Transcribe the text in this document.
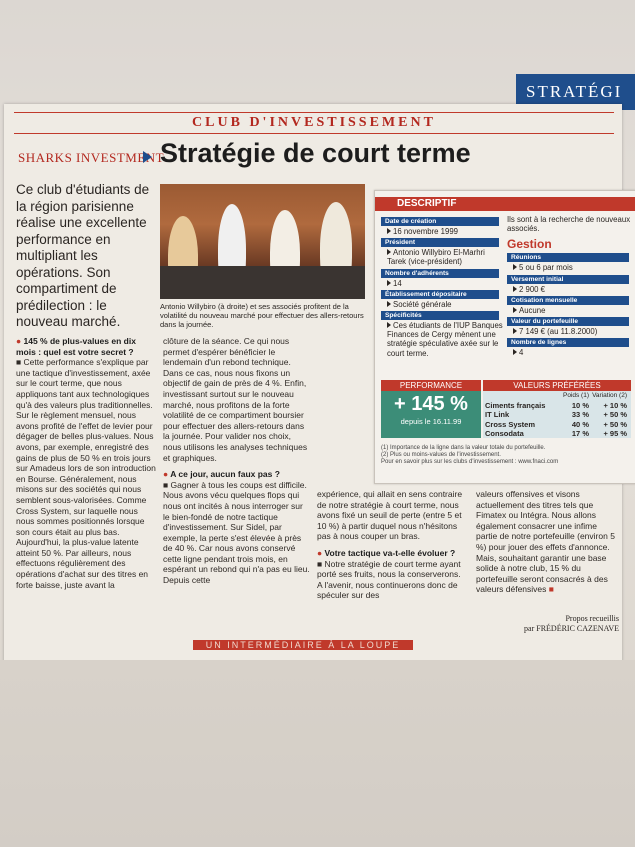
STRATÉGI
CLUB D'INVESTISSEMENT
SHARKS INVESTMENT
Stratégie de court terme
Ce club d'étudiants de la région parisienne réalise une excellente performance en multipliant les opérations. Son compartiment de prédilection : le nouveau marché.
Antonio Willybiro (à droite) et ses associés profitent de la volatilité du nouveau marché pour effectuer des allers-retours dans la journée.
● 145 % de plus-values en dix mois : quel est votre secret ?
■ Cette performance s'explique par une tactique d'investissement, axée sur le court terme, que nous appliquons tant aux technologiques qu'à des valeurs plus traditionnelles. Sur le règlement mensuel, nous avons profité de l'effet de levier pour dégager de belles plus-values. Nous avons, par exemple, enregistré des gains de plus de 50 % en trois jours sur Amadeus lors de son introduction en Bourse. Généralement, nous misons sur des sociétés qui nous semblent sous-valorisées. Comme Cross System, sur laquelle nous nous sommes positionnés lorsque son cours était au plus bas. Aujourd'hui, la plus-value latente atteint 50 %. Par ailleurs, nous effectuons régulièrement des opérations d'achat sur des titres en forte baisse, juste avant la
clôture de la séance. Ce qui nous permet d'espérer bénéficier le lendemain d'un rebond technique. Dans ce cas, nous nous fixons un objectif de gain de près de 4 %. Enfin, investissant surtout sur le nouveau marché, nous profitons de la forte volatilité de ce compartiment boursier pour effectuer des allers-retours dans la journée. Pour valider nos choix, nous utilisons les analyses techniques et graphiques.
● A ce jour, aucun faux pas ?
■ Gagner à tous les coups est difficile. Nous avons vécu quelques flops qui nous ont incités à nous interroger sur le bien-fondé de notre tactique d'investissement. Sur Sidel, par exemple, la perte s'est élevée à près de 40 %. Car nous avons conservé cette ligne pendant trois mois, en espérant un rebond qui n'a pas eu lieu. Depuis cette
expérience, qui allait en sens contraire de notre stratégie à court terme, nous avons fixé un seuil de perte (entre 5 et 10 %) à partir duquel nous n'hésitons pas à nous couper un bras.
● Votre tactique va-t-elle évoluer ?
■ Notre stratégie de court terme ayant porté ses fruits, nous la conserverons. A l'avenir, nous continuerons donc de spéculer sur des
valeurs offensives et visons actuellement des titres tels que Fimatex ou Intégra. Nous allons également consacrer une infime partie de notre portefeuille (environ 5 %) pour jouer des effets d'annonce. Mais, souhaitant garantir une base solide à notre club, 15 % du portefeuille seront consacrés à des valeurs défensives ■
Propos recueillis
par FRÉDÉRIC CAZENAVE
UN INTERMÉDIAIRE À LA LOUPE
DESCRIPTIF
Date de création
16 novembre 1999
Président
Antonio Willybiro El-Marhri Tarek (vice-président)
Nombre d'adhérents
14
Établissement dépositaire
Société générale
Spécificités
Ces étudiants de l'IUP Banques Finances de Cergy mènent une stratégie spéculative axée sur le court terme.
Ils sont à la recherche de nouveaux associés.
Gestion
Réunions
5 ou 6 par mois
Versement initial
2 900 €
Cotisation mensuelle
Aucune
Valeur du portefeuille
7 149 € (au 11.8.2000)
Nombre de lignes
4
PERFORMANCE
+ 145 %
depuis le 16.11.99
VALEURS PRÉFÉRÉES
Poids (1) Variation (2)
Ciments français	10 %	+ 10 %
IT Link	33 %	+ 50 %
Cross System	40 %	+ 50 %
Consodata	17 %	+ 95 %
(1) Importance de la ligne dans la valeur totale du portefeuille.
(2) Plus ou moins-values de l'investissement.
Pour en savoir plus sur les clubs d'investissement : www.fnaci.com
